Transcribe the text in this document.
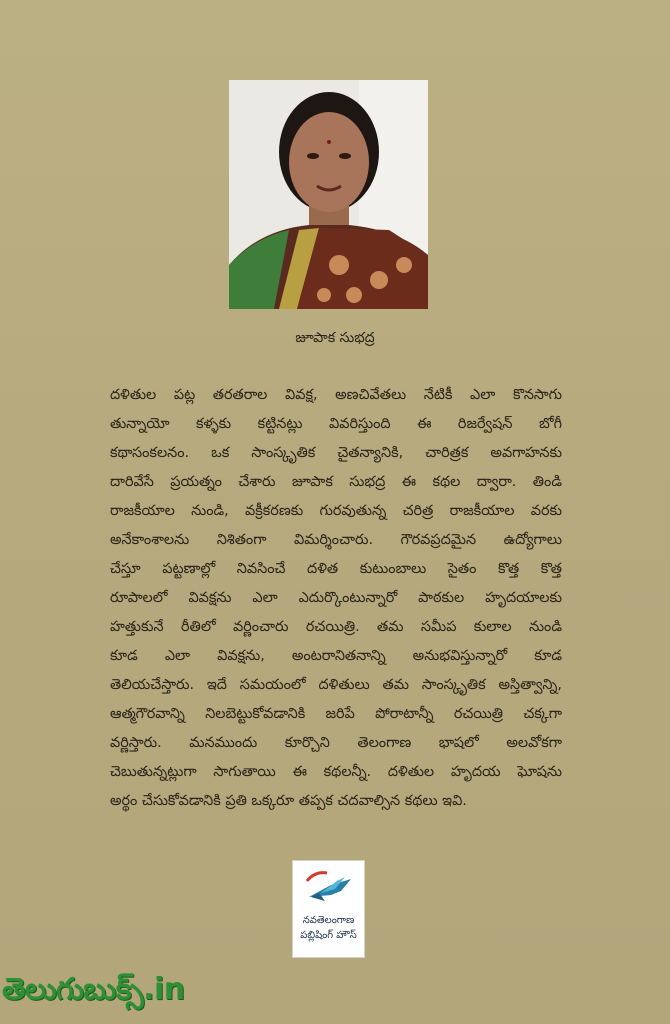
జూపాక సుభద్ర
దళితుల పట్ల తరతరాల వివక్ష, అణచివేతలు నేటికీ ఎలా కొనసాగు
తున్నాయో కళ్ళకు కట్టినట్లు వివరిస్తుంది ఈ రిజర్వేషన్ బోగీ
కథాసంకలనం. ఒక సాంస్కృతిక చైతన్యానికి, చారిత్రక అవగాహనకు
దారివేసే ప్రయత్నం చేశారు జూపాక సుభద్ర ఈ కథల ద్వారా. తిండి
రాజకీయాల నుండి, వక్రీకరణకు గురవుతున్న చరిత్ర రాజకీయాల వరకు
అనేకాంశాలను నిశితంగా విమర్శించారు. గౌరవప్రదమైన ఉద్యోగాలు
చేస్తూ పట్టణాల్లో నివసించే దళిత కుటుంబాలు సైతం కొత్త కొత్త
రూపాలలో వివక్షను ఎలా ఎదుర్కొంటున్నారో పాఠకుల హృదయాలకు
హత్తుకునే రీతిలో వర్ణించారు రచయిత్రి. తమ సమీప కులాల నుండి
కూడ ఎలా వివక్షను, అంటరానితనాన్ని అనుభవిస్తున్నారో కూడ
తెలియచేస్తారు. ఇదే సమయంలో దళితులు తమ సాంస్కృతిక అస్తిత్వాన్ని,
ఆత్మగౌరవాన్ని నిలబెట్టుకోవడానికి జరిపే పోరాటాన్నీ రచయిత్రి చక్కగా
వర్ణిస్తారు. మనముందు కూర్చొని తెలంగాణ భాషలో అలవోకగా
చెబుతున్నట్లుగా సాగుతాయి ఈ కథలన్నీ. దళితుల హృదయ ఘోషను
అర్థం చేసుకోవడానికి ప్రతి ఒక్కరూ తప్పక చదవాల్సిన కథలు ఇవి.
నవతెలంగాణ
పబ్లిషింగ్ హౌస్
తెలుగుబుక్స్.in
